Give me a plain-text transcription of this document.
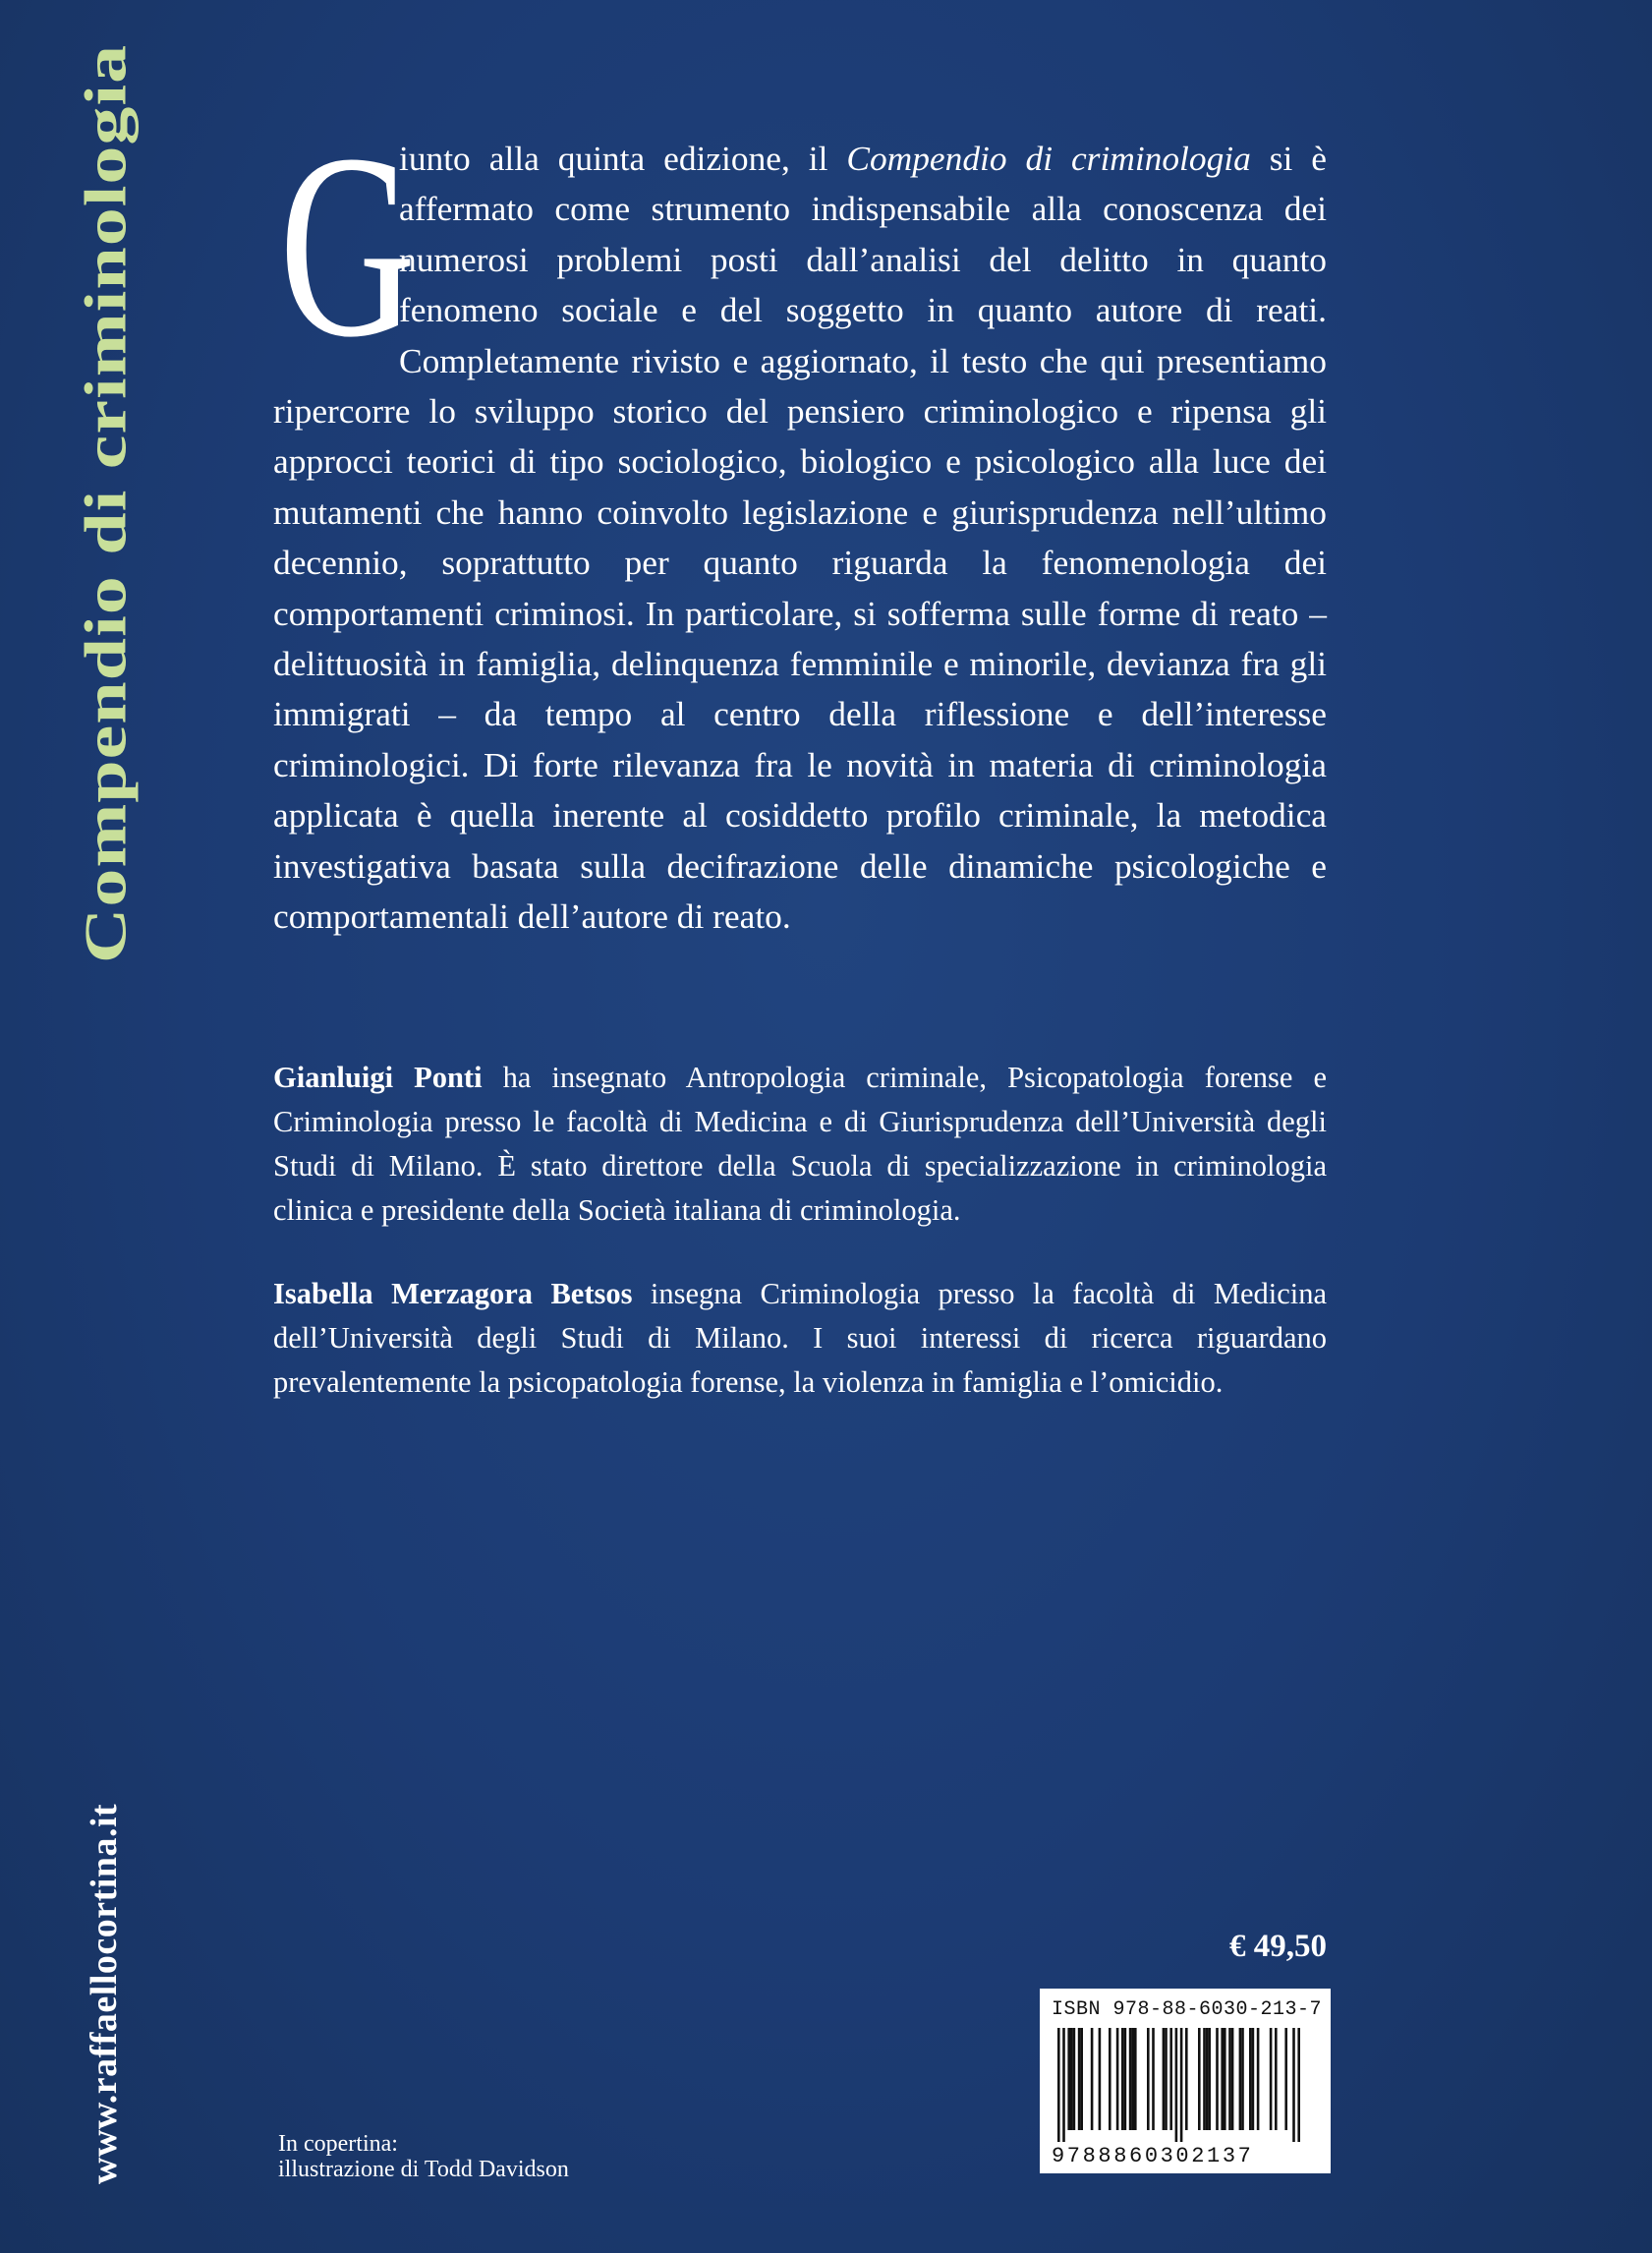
Compendio di criminologia
www.raffaellocortina.it
G
iunto alla quinta edizione, il Compendio di criminologia si è affermato come strumento indispensabile alla conoscenza dei numerosi problemi posti dall’analisi del delitto in quanto fenomeno sociale e del soggetto in quanto autore di reati. Completamente rivisto e aggiornato, il testo che qui presentiamo ripercorre lo sviluppo storico del pensiero criminologico e ripensa gli approcci teorici di tipo sociologico, biologico e psicologico alla luce dei mutamenti che hanno coinvolto legislazione e giurisprudenza nell’ultimo decennio, soprattutto per quanto riguarda la fenomenologia dei comportamenti criminosi. In particolare, si sofferma sulle forme di reato – delittuosità in famiglia, delinquenza femminile e minorile, devianza fra gli immigrati – da tempo al centro della riflessione e dell’interesse criminologici. Di forte rilevanza fra le novità in materia di criminologia applicata è quella inerente al cosiddetto profilo criminale, la metodica investigativa basata sulla decifrazione delle dinamiche psicologiche e comportamentali dell’autore di reato.
Gianluigi Ponti ha insegnato Antropologia criminale, Psicopatologia forense e Criminologia presso le facoltà di Medicina e di Giurisprudenza dell’Università degli Studi di Milano. È stato direttore della Scuola di specializzazione in criminologia clinica e presidente della Società italiana di criminologia.
Isabella Merzagora Betsos insegna Criminologia presso la facoltà di Medicina dell’Università degli Studi di Milano. I suoi interessi di ricerca riguardano prevalentemente la psicopatologia forense, la violenza in famiglia e l’omicidio.
In copertina:
illustrazione di Todd Davidson
€ 49,50
ISBN 978-88-6030-213-7
9788860302137
